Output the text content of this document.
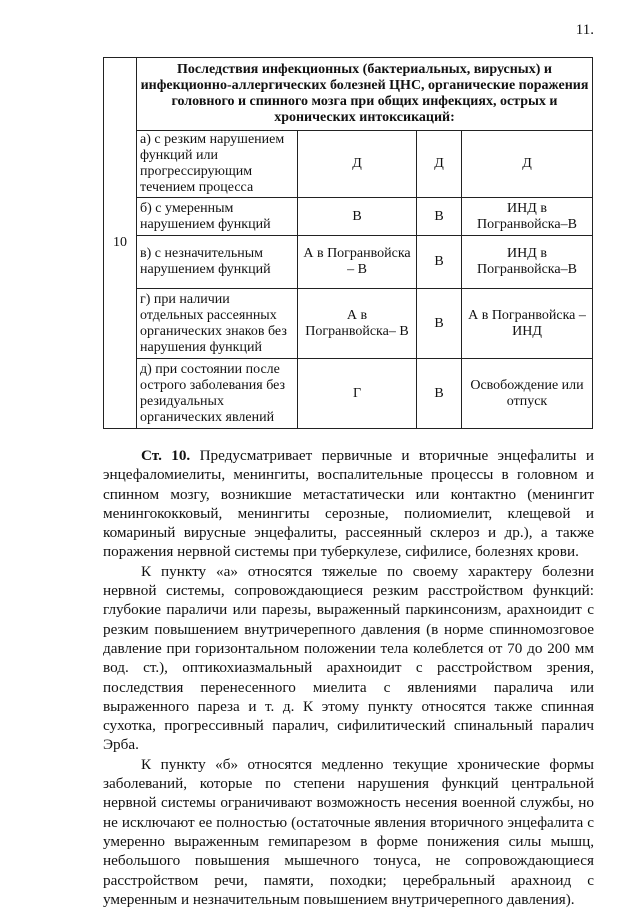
11.
10	Последствия инфекционных (бактериальных, вирусных) и инфекционно-аллергических болезней ЦНС, органические поражения головного и спинного мозга при общих инфекциях, острых и хронических интоксикаций:			
	а) с резким нарушением функций или прогрессирующим течением процесса	Д	Д	Д
	б) с умеренным нарушением функций	В	В	ИНД в Погранвойска–В
	в) с незначительным нарушением функций	А в Погранвойска – В	В	ИНД в Погранвойска–В
	г) при наличии отдельных рассеянных органических знаков без нарушения функций	А в Погранвойска– В	В	А в Погранвойска – ИНД
	д) при состоянии после острого заболевания без резидуальных органических явлений	Г	В	Освобождение или отпуск

Ст. 10. Предусматривает первичные и вторичные энцефалиты и энцефаломиелиты, менингиты, воспалительные процессы в головном и спинном мозгу, возникшие метастатически или контактно (менингит менингококковый, менингиты серозные, полиомиелит, клещевой и комариный вирусные энцефалиты, рассеянный склероз и др.), а также поражения нервной системы при туберкулезе, сифилисе, болезнях крови.

К пункту «а» относятся тяжелые по своему характеру болезни нервной системы, сопровождающиеся резким расстройством функций: глубокие параличи или парезы, выраженный паркинсонизм, арахноидит с резким повышением внутричерепного давления (в норме спинномозговое давление при горизонтальном положении тела колеблется от 70 до 200 мм вод. ст.), оптикохиазмальный арахноидит с расстройством зрения, последствия перенесенного миелита с явлениями паралича или выраженного пареза и т. д. К этому пункту относятся также спинная сухотка, прогрессивный паралич, сифилитический спинальный паралич Эрба.

К пункту «б» относятся медленно текущие хронические формы заболеваний, которые по степени нарушения функций центральной нервной системы ограничивают возможность несения военной службы, но не исключают ее полностью (остаточные явления вторичного энцефалита с умеренно выраженным гемипарезом в форме понижения силы мышц, небольшого повышения мышечного тонуса, не сопровождающиеся расстройством речи, памяти, походки; церебральный арахноид с умеренным и незначительным повышением внутричерепного давления).
